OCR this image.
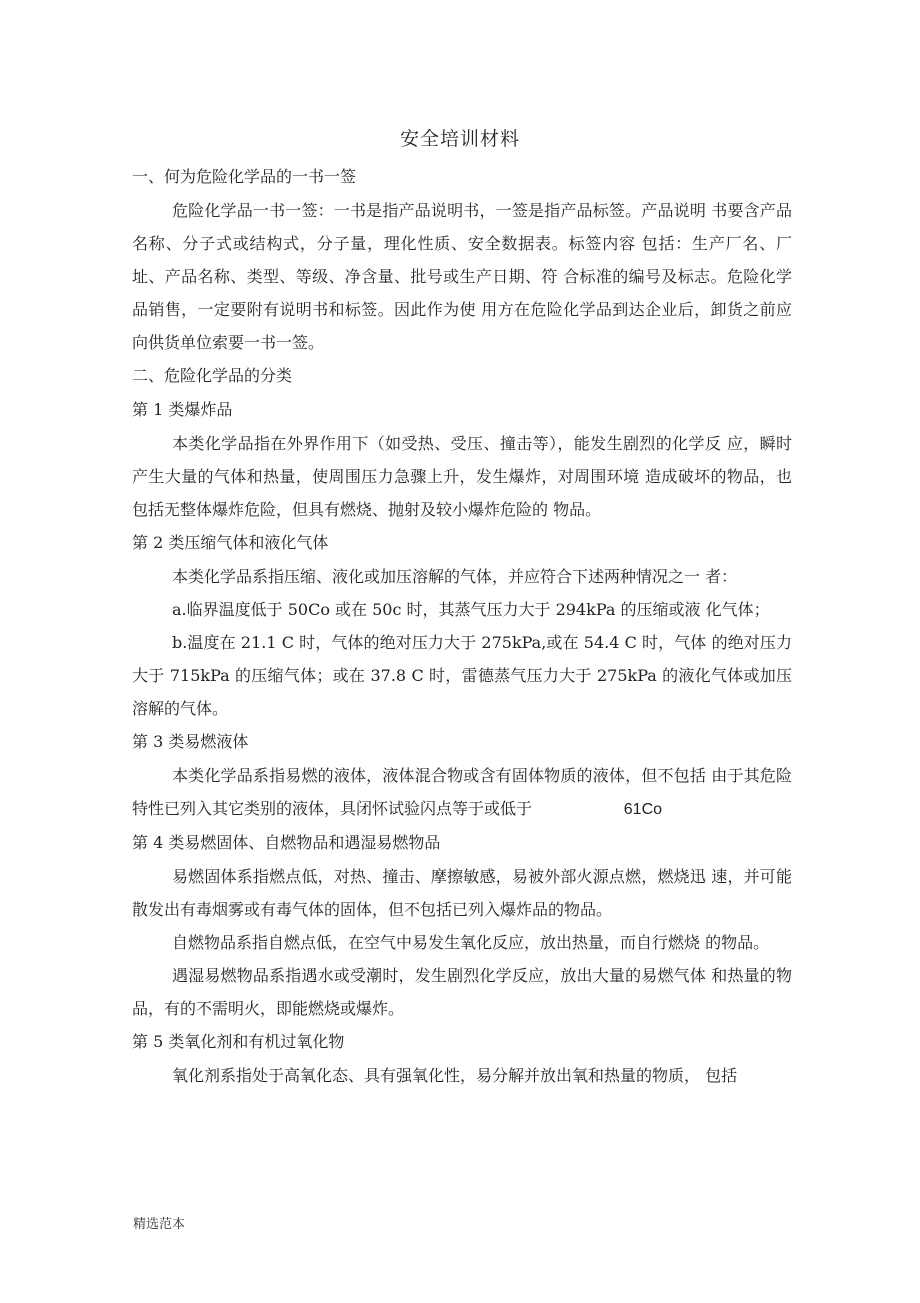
安全培训材料
一、何为危险化学品的一书一签
危险化学品一书一签：一书是指产品说明书，一签是指产品标签。产品说明 书要含产品名称、分子式或结构式，分子量，理化性质、安全数据表。标签内容 包括：生产厂名、厂址、产品名称、类型、等级、净含量、批号或生产日期、符 合标准的编号及标志。危险化学品销售，一定要附有说明书和标签。因此作为使 用方在危险化学品到达企业后，卸货之前应向供货单位索要一书一签。
二、危险化学品的分类
第 1 类爆炸品
本类化学品指在外界作用下（如受热、受压、撞击等），能发生剧烈的化学反 应，瞬时产生大量的气体和热量，使周围压力急骤上升，发生爆炸，对周围环境 造成破坏的物品，也包括无整体爆炸危险，但具有燃烧、抛射及较小爆炸危险的 物品。
第 2 类压缩气体和液化气体
本类化学品系指压缩、液化或加压溶解的气体，并应符合下述两种情况之一 者：
a.临界温度低于 50Co 或在 50c 时，其蒸气压力大于 294kPa 的压缩或液 化气体；
b.温度在 21.1 C 时，气体的绝对压力大于 275kPa,或在 54.4 C 时，气体 的绝对压力大于 715kPa 的压缩气体；或在 37.8 C 时，雷德蒸气压力大于 275kPa 的液化气体或加压溶解的气体。
第 3 类易燃液体
本类化学品系指易燃的液体，液体混合物或含有固体物质的液体，但不包括 由于其危险特性已列入其它类别的液体，具闭怀试验闪点等于或低于	61Co
第 4 类易燃固体、自燃物品和遇湿易燃物品
易燃固体系指燃点低，对热、撞击、摩擦敏感，易被外部火源点燃，燃烧迅 速，并可能散发出有毒烟雾或有毒气体的固体，但不包括已列入爆炸品的物品。
自燃物品系指自燃点低，在空气中易发生氧化反应，放出热量，而自行燃烧 的物品。
遇湿易燃物品系指遇水或受潮时，发生剧烈化学反应，放出大量的易燃气体 和热量的物品，有的不需明火，即能燃烧或爆炸。
第 5 类氧化剂和有机过氧化物
氧化剂系指处于高氧化态、具有强氧化性，易分解并放出氧和热量的物质， 包括
精选范本
